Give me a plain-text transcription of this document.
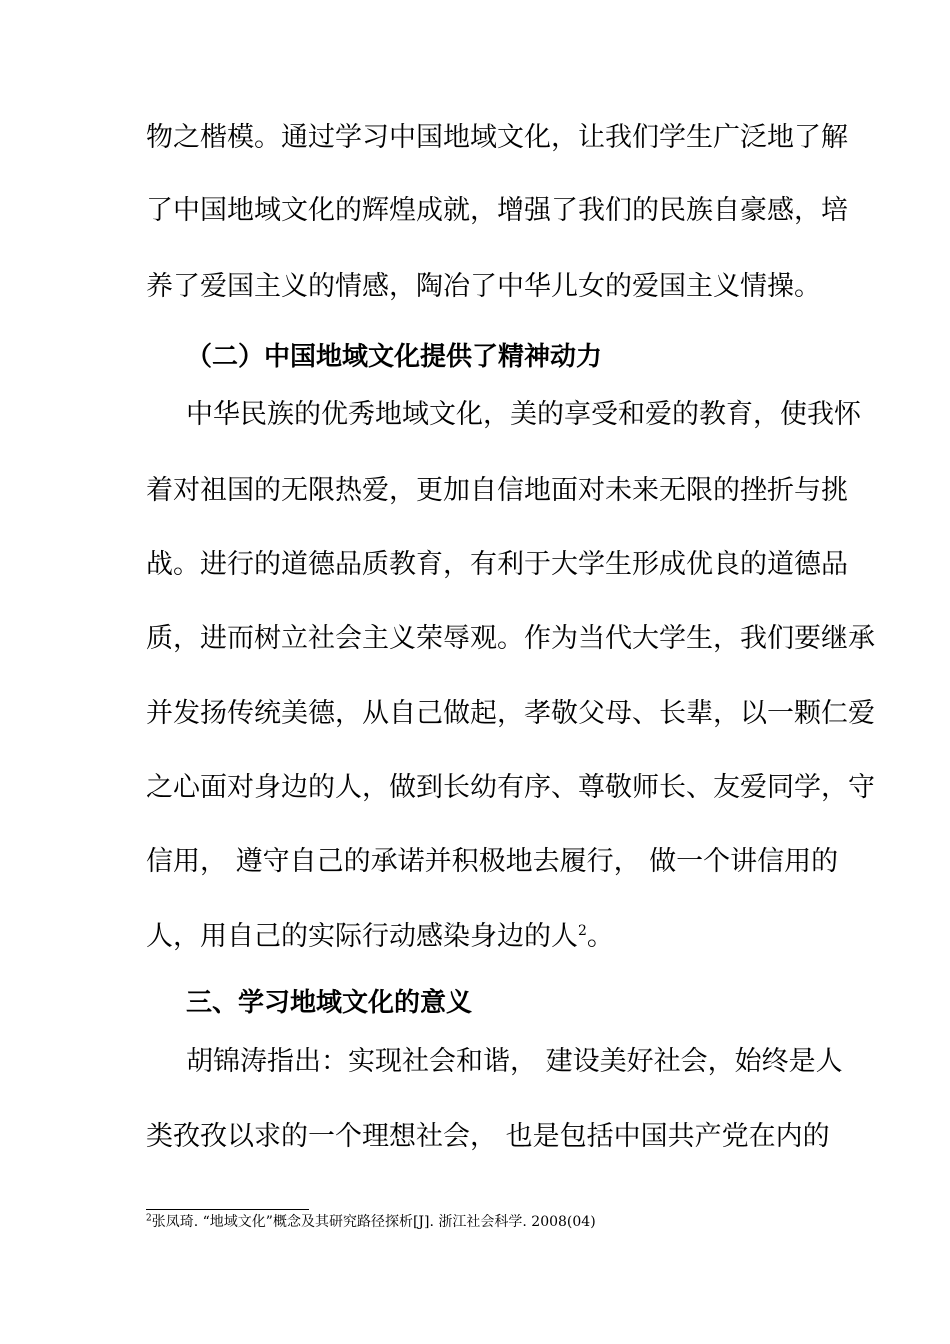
物之楷模。通过学习中国地域文化，让我们学生广泛地了解
了中国地域文化的辉煌成就，增强了我们的民族自豪感，培
养了爱国主义的情感，陶冶了中华儿女的爱国主义情操。
（二）中国地域文化提供了精神动力
中华民族的优秀地域文化，美的享受和爱的教育，使我怀
着对祖国的无限热爱，更加自信地面对未来无限的挫折与挑
战。进行的道德品质教育，有利于大学生形成优良的道德品
质，进而树立社会主义荣辱观。作为当代大学生，我们要继承
并发扬传统美德，从自己做起，孝敬父母、长辈，以一颗仁爱
之心面对身边的人，做到长幼有序、尊敬师长、友爱同学，守
信用， 遵守自己的承诺并积极地去履行， 做一个讲信用的
人，用自己的实际行动感染身边的人$^2$。
三、学习地域文化的意义
胡锦涛指出：实现社会和谐， 建设美好社会，始终是人
类孜孜以求的一个理想社会， 也是包括中国共产党在内的
$^2$张凤琦. “地域文化”概念及其研究路径探析[J]. 浙江社会科学. 2008(04)
